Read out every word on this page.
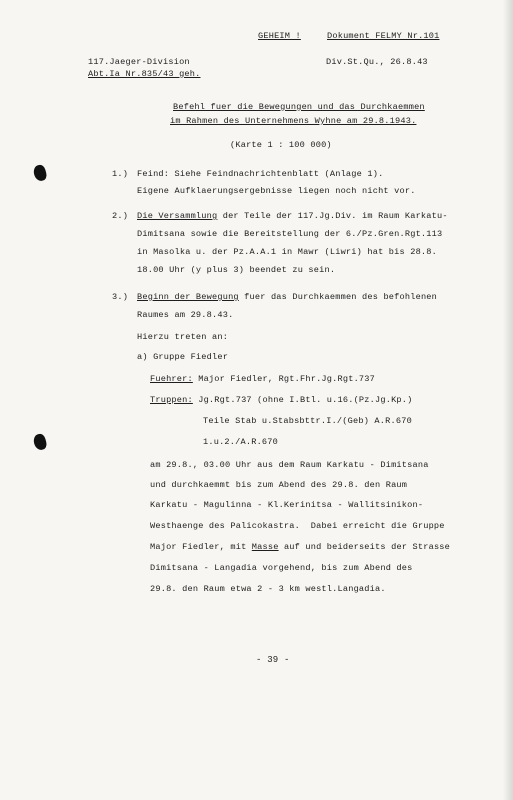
GEHEIM !	Dokument FELMY Nr.101
117.Jaeger-Division
Abt.Ia Nr.835/43 geh.
Div.St.Qu., 26.8.43
Befehl fuer die Bewegungen und das Durchkaemmen
im Rahmen des Unternehmens Wyhne am 29.8.1943.
(Karte 1 : 100 000)
1.) Feind: Siehe Feindnachrichtenblatt (Anlage 1).
Eigene Aufklaerungsergebnisse liegen noch nicht vor.
2.) Die Versammlung der Teile der 117.Jg.Div. im Raum Karkatu-
Dimitsana sowie die Bereitstellung der 6./Pz.Gren.Rgt.113
in Masolka u. der Pz.A.A.1 in Mawr (Liwri) hat bis 28.8.
18.00 Uhr (y plus 3) beendet zu sein.
3.) Beginn der Bewegung fuer das Durchkaemmen des befohlenen
Raumes am 29.8.43.
Hierzu treten an:
a) Gruppe Fiedler
Fuehrer: Major Fiedler, Rgt.Fhr.Jg.Rgt.737
Truppen: Jg.Rgt.737 (ohne I.Btl. u.16.(Pz.Jg.Kp.)
Teile Stab u.Stabsbttr.I./(Geb) A.R.670
1.u.2./A.R.670
am 29.8., 03.00 Uhr aus dem Raum Karkatu - Dimitsana
und durchkaemmt bis zum Abend des 29.8. den Raum
Karkatu - Magulinna - Kl.Kerinitsa - Wallitsinikon-
Westhaenge des Palicokastra.  Dabei erreicht die Gruppe
Major Fiedler, mit Masse auf und beiderseits der Strasse
Dimitsana - Langadia vorgehend, bis zum Abend des
29.8. den Raum etwa 2 - 3 km westl.Langadia.
- 39 -
